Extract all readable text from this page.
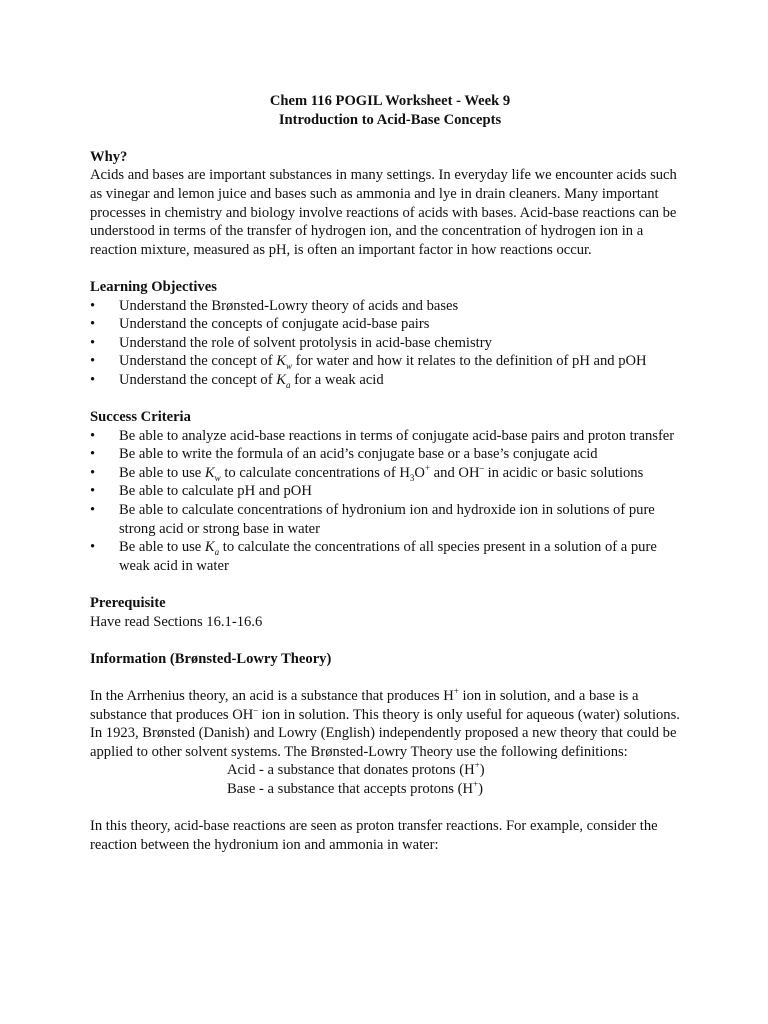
Chem 116 POGIL Worksheet - Week 9

Introduction to Acid-Base Concepts

Why?

Acids and bases are important substances in many settings. In everyday life we encounter acids such as vinegar and lemon juice and bases such as ammonia and lye in drain cleaners. Many important processes in chemistry and biology involve reactions of acids with bases. Acid-base reactions can be understood in terms of the transfer of hydrogen ion, and the concentration of hydrogen ion in a reaction mixture, measured as pH, is often an important factor in how reactions occur.

Learning Objectives
• Understand the Brønsted-Lowry theory of acids and bases
• Understand the concepts of conjugate acid-base pairs
• Understand the role of solvent protolysis in acid-base chemistry
• Understand the concept of $K_w$ for water and how it relates to the definition of pH and pOH
• Understand the concept of $K_a$ for a weak acid
Success Criteria
• Be able to analyze acid-base reactions in terms of conjugate acid-base pairs and proton transfer
• Be able to write the formula of an acid’s conjugate base or a base’s conjugate acid
• Be able to use $K_w$ to calculate concentrations of $H_3O^+$ and OH– in acidic or basic solutions
• Be able to calculate pH and pOH
• Be able to calculate concentrations of hydronium ion and hydroxide ion in solutions of pure strong acid or strong base in water
• Be able to use $K_a$ to calculate the concentrations of all species present in a solution of a pure weak acid in water
Prerequisite

Have read Sections 16.1-16.6

Information (Brønsted-Lowry Theory)

In the Arrhenius theory, an acid is a substance that produces H+ ion in solution, and a base is a substance that produces OH– ion in solution. This theory is only useful for aqueous (water) solutions. In 1923, Brønsted (Danish) and Lowry (English) independently proposed a new theory that could be applied to other solvent systems. The Brønsted-Lowry Theory use the following definitions:

Acid - a substance that donates protons (H+)

Base - a substance that accepts protons (H+)

In this theory, acid-base reactions are seen as proton transfer reactions. For example, consider the reaction between the hydronium ion and ammonia in water:
